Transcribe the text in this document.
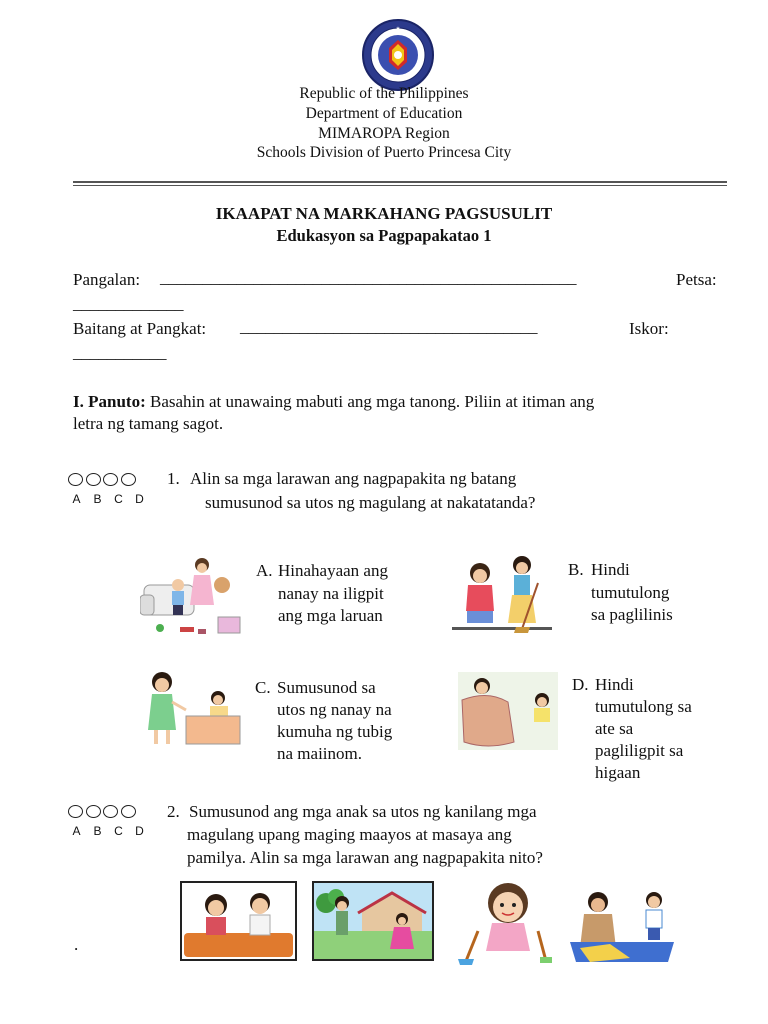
★
Republic of the Philippines
Department of Education
MIMAROPA Region
Schools Division of Puerto Princesa City
IKAAPAT NA MARKAHANG PAGSUSULIT
Edukasyon sa Pagpapakatao 1
Pangalan: _________________________________________________	Petsa:
_____________
Baitang at Pangkat: ___________________________________	Iskor:
___________
I. Panuto: Basahin at unawaing mabuti ang mga tanong. Piliin at itiman ang
letra ng tamang sagot.
A B C D
1. Alin sa mga larawan ang nagpapakita ng batang
sumusunod sa utos ng magulang at nakatatanda?
A. Hinahayaan ang
nanay na iligpit
ang mga laruan
B. Hindi
tumutulong
sa paglilinis
C. Sumusunod sa
utos ng nanay na
kumuha ng tubig
na maiinom.
D. Hindi
tumutulong sa
ate sa
pagliligpit sa
higaan
A B C D
2. Sumusunod ang mga anak sa utos ng kanilang mga
magulang upang maging maayos at masaya ang
pamilya. Alin sa mga larawan ang nagpapakita nito?
.
